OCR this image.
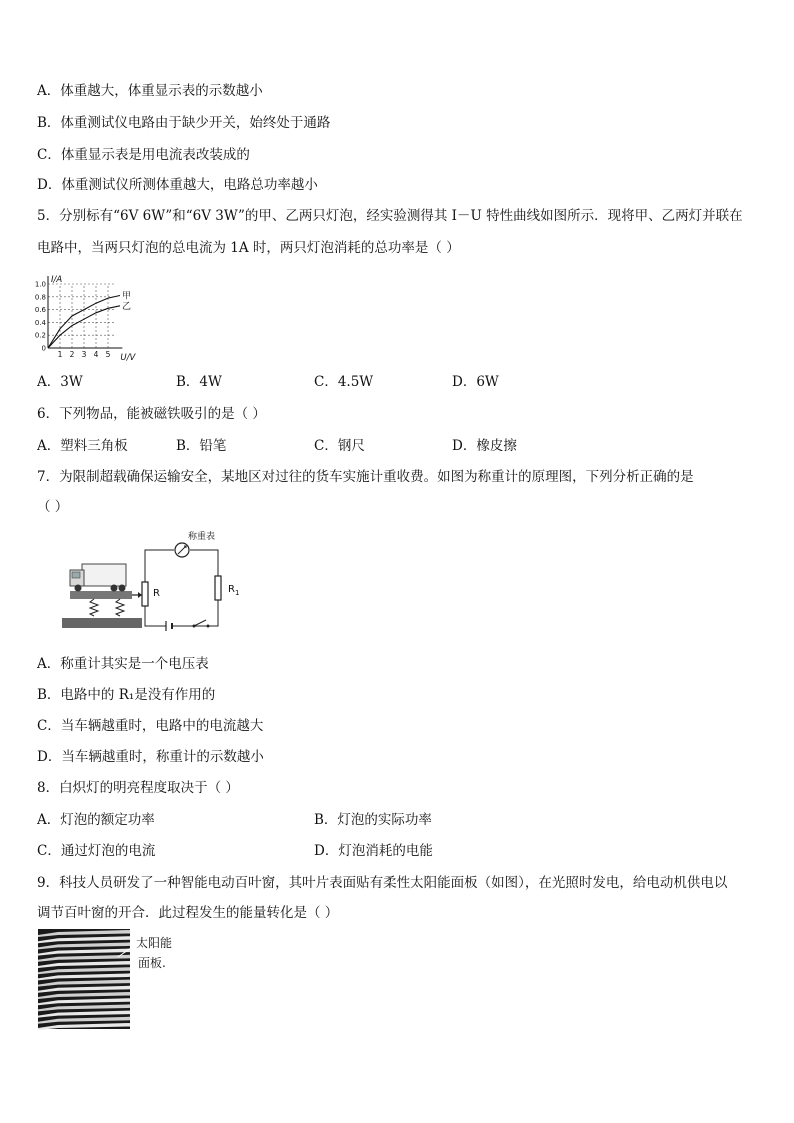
A．体重越大，体重显示表的示数越小
B．体重测试仪电路由于缺少开关，始终处于通路
C．体重显示表是用电流表改装成的
D．体重测试仪所测体重越大，电路总功率越小
5．分别标有“6V 6W”和“6V 3W”的甲、乙两只灯泡，经实验测得其 I－U 特性曲线如图所示．现将甲、乙两灯并联在
电路中，当两只灯泡的总电流为 1A 时，两只灯泡消耗的总功率是（ ）
0
0.2
0.4
0.6
0.8
1.0
1 2 3 4 5
I/A
U/V
甲
乙
A．3W	B．4W	C．4.5W	D．6W
6．下列物品，能被磁铁吸引的是（ ）
A．塑料三角板	B．铅笔	C．钢尺	D．橡皮擦
7．为限制超载确保运输安全，某地区对过往的货车实施计重收费。如图为称重计的原理图，下列分析正确的是
（ ）
R
称重表
$R_1$
A．称重计其实是一个电压表
B．电路中的 R₁是没有作用的
C．当车辆越重时，电路中的电流越大
D．当车辆越重时，称重计的示数越小
8．白炽灯的明亮程度取决于（ ）
A．灯泡的额定功率	B．灯泡的实际功率
C．通过灯泡的电流	D．灯泡消耗的电能
9．科技人员研发了一种智能电动百叶窗，其叶片表面贴有柔性太阳能面板（如图），在光照时发电，给电动机供电以
调节百叶窗的开合．此过程发生的能量转化是（ ）
太阳能
面板.
